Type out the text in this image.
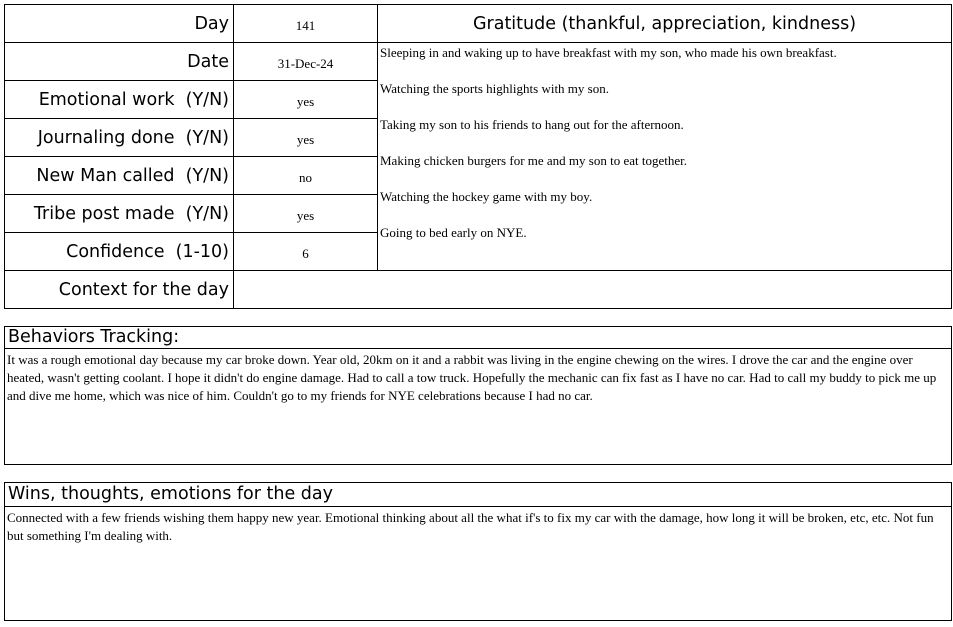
Day	141
Date	31-Dec-24
Emotional work  (Y/N)	yes
Journaling done  (Y/N)	yes
New Man called  (Y/N)	no
Tribe post made  (Y/N)	yes
Confidence  (1-10)	6
Context for the day
Gratitude (thankful, appreciation, kindness)
Sleeping in and waking up to have breakfast with my son, who made his own breakfast.
Watching the sports highlights with my son.
Taking my son to his friends to hang out for the afternoon.
Making chicken burgers for me and my son to eat together.
Watching the hockey game with my boy.
Going to bed early on NYE.
Behaviors Tracking:
It was a rough emotional day because my car broke down. Year old, 20km on it and a rabbit was living in the engine chewing on the wires. I drove the car and the engine over heated, wasn't getting coolant. I hope it didn't do engine damage. Had to call a tow truck. Hopefully the mechanic can fix fast as I have no car. Had to call my buddy to pick me up and dive me home, which was nice of him. Couldn't go to my friends for NYE celebrations because I had no car.
Wins, thoughts, emotions for the day
Connected with a few friends wishing them happy new year. Emotional thinking about all the what if's to fix my car with the damage, how long it will be broken, etc, etc. Not fun but something I'm dealing with.
